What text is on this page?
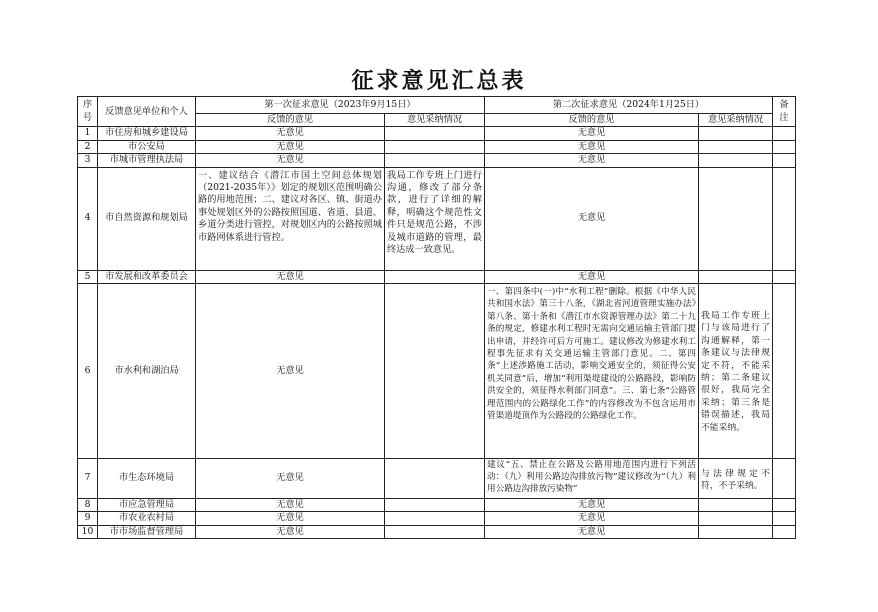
征求意见汇总表
序号	反馈意见单位和个人	第一次征求意见（2023年9月15日）		第二次征求意见（2024年1月25日）		备注
		反馈的意见	意见采纳情况	反馈的意见	意见采纳情况	
1	市住房和城乡建设局	无意见		无意见		
2	市公安局	无意见		无意见		
3	市城市管理执法局	无意见		无意见		
4	市自然资源和规划局	一、建议结合《潜江市国土空间总体规划（2021-2035年）》划定的规划区范围明确公路的用地范围；二、建议对各区、镇、街道办事处规划区外的公路按照国道、省道、县道、乡道分类进行管控，对规划区内的公路按照城市路网体系进行管控。	我局工作专班上门进行沟通，修改了部分条款，进行了详细的解释，明确这个规范性文件只是规范公路，不涉及城市道路的管理，最终达成一致意见。	无意见		
5	市发展和改革委员会	无意见		无意见		
6	市水利和湖泊局	无意见		一、第四条中(一)中“水利工程”删除。根据《中华人民共和国水法》第三十八条，《湖北省河道管理实施办法》第八条、第十条和《潜江市水资源管理办法》第二十九条的规定，修建水利工程时无需向交通运输主管部门提出申请，并经许可后方可施工。建议修改为修建水利工程事先征求有关交通运输主管部门意见。二、第四条“上述涉路施工活动，影响交通安全的，须征得公安机关同意”后，增加“利用渠堤建设的公路路段，影响防洪安全的，须征得水利部门同意”。三、第七条“公路管理范围内的公路绿化工作”的内容修改为不包含运用市管渠道堤顶作为公路段的公路绿化工作。	我局工作专班上门与该局进行了沟通解释，第一条建议与法律规定不符，不能采纳；第二条建议很好，我局完全采纳；第三条是错误描述，我局不能采纳。	
7	市生态环境局	无意见		建议“五、禁止在公路及公路用地范围内进行下列活动：（九）利用公路边沟排放污物”建议修改为“（九）利用公路边沟排放污染物”	与法律规定不符，不予采纳。	
8	市应急管理局	无意见		无意见		
9	市农业农村局	无意见		无意见		
10	市市场监督管理局	无意见		无意见		
